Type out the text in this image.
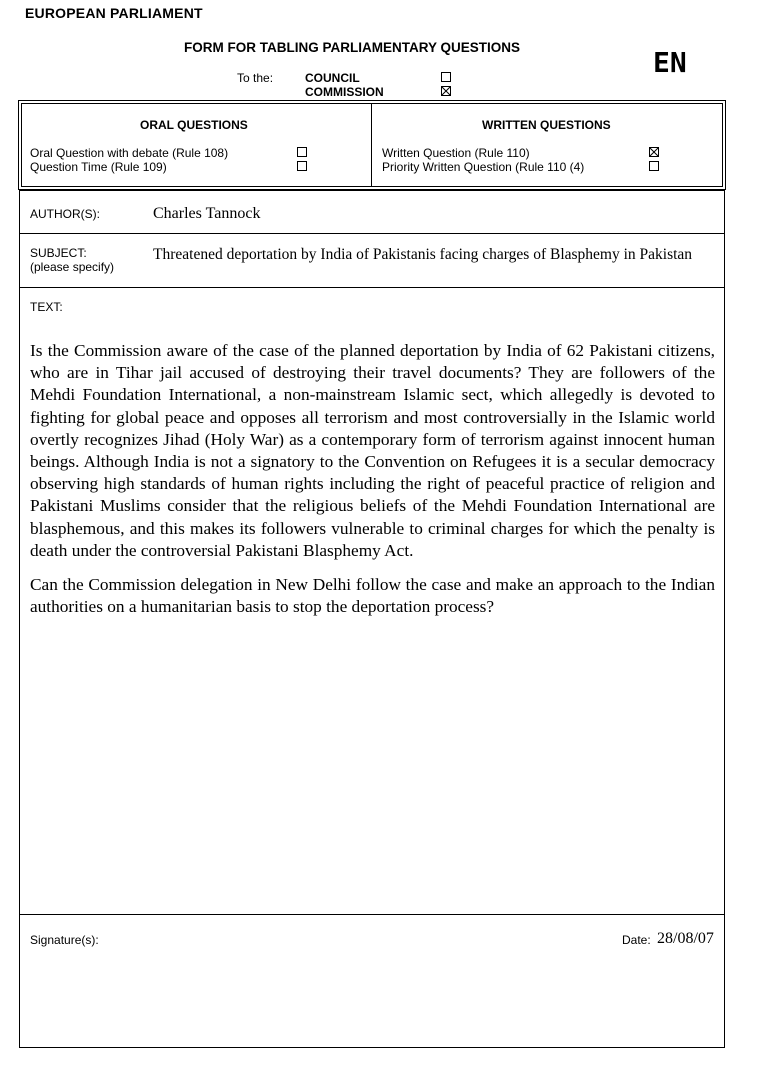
EUROPEAN PARLIAMENT
FORM FOR TABLING PARLIAMENTARY QUESTIONS	EN
To the:	COUNCIL
COMMISSION
ORAL QUESTIONS
Oral Question with debate (Rule 108)
Question Time (Rule 109)
WRITTEN QUESTIONS
Written Question (Rule 110)
Priority Written Question (Rule 110 (4)
AUTHOR(S):	Charles Tannock
SUBJECT:
(please specify)
Threatened deportation by India of Pakistanis facing charges of Blasphemy in Pakistan
TEXT:

Is the Commission aware of the case of the planned deportation by India of 62 Pakistani citizens, who are in Tihar jail accused of destroying their travel documents? They are followers of the Mehdi Foundation International, a non-mainstream Islamic sect, which allegedly is devoted to fighting for global peace and opposes all terrorism and most controversially in the Islamic world overtly recognizes Jihad (Holy War) as a contemporary form of terrorism against innocent human beings. Although India is not a signatory to the Convention on Refugees it is a secular democracy observing high standards of human rights including the right of peaceful practice of religion and Pakistani Muslims consider that the religious beliefs of the Mehdi Foundation International are blasphemous, and this makes its followers vulnerable to criminal charges for which the penalty is death under the controversial Pakistani Blasphemy Act.

Can the Commission delegation in New Delhi follow the case and make an approach to the Indian authorities on a humanitarian basis to stop the deportation process?

Signature(s):	Date: 28/08/07
